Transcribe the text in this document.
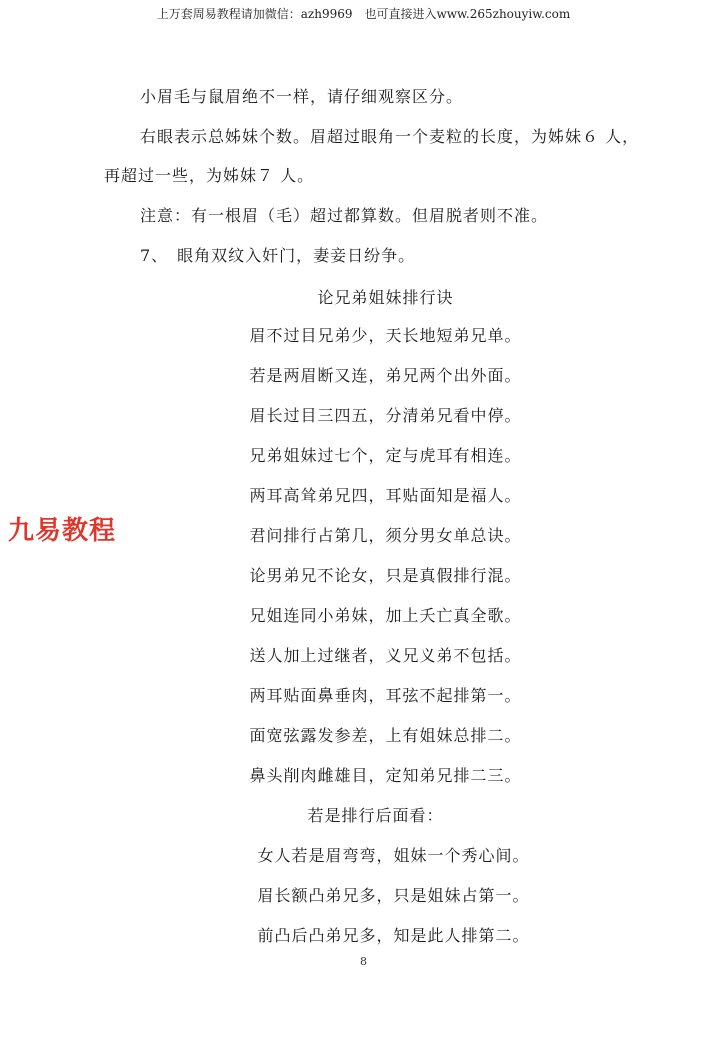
上万套周易教程请加微信：azh9969　也可直接进入www.265zhouyiw.com
小眉毛与鼠眉绝不一样，请仔细观察区分。
右眼表示总姊妹个数。眉超过眼角一个麦粒的长度，为姊妹６ 人，
再超过一些，为姊妹７ 人。
注意：有一根眉（毛）超过都算数。但眉脱者则不准。
7、　眼角双纹入奸门，妻妾日纷争。
论兄弟姐妹排行诀
眉不过目兄弟少，天长地短弟兄单。
若是两眉断又连，弟兄两个出外面。
眉长过目三四五，分清弟兄看中停。
兄弟姐妹过七个，定与虎耳有相连。
两耳高耸弟兄四，耳贴面知是福人。
君问排行占第几，须分男女单总诀。
论男弟兄不论女，只是真假排行混。
兄姐连同小弟妹，加上夭亡真全歌。
送人加上过继者，义兄义弟不包括。
两耳贴面鼻垂肉，耳弦不起排第一。
面宽弦露发参差，上有姐妹总排二。
鼻头削肉雌雄目，定知弟兄排二三。
若是排行后面看：
女人若是眉弯弯，姐妹一个秀心间。
眉长额凸弟兄多，只是姐妹占第一。
前凸后凸弟兄多，知是此人排第二。
九易教程
8
